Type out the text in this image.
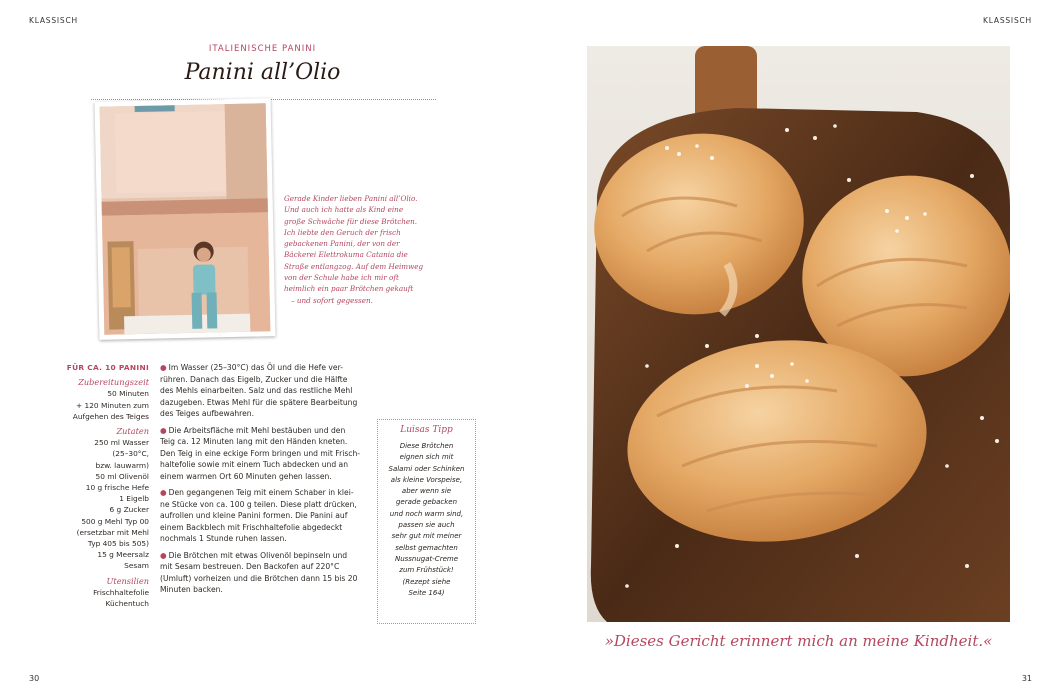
KLASSISCH	KLASSISCH
ITALIENISCHE PANINI
Panini all’Olio
Gerade Kinder lieben Panini all’Olio.
Und auch ich hatte als Kind eine
große Schwäche für diese Brötchen.
Ich liebte den Geruch der frisch
gebackenen Panini, der von der
Bäckerei Elettrokuma Catania die
Straße entlangzog. Auf dem Heimweg
von der Schule habe ich mir oft
heimlich ein paar Brötchen gekauft
– und sofort gegessen.
FÜR CA. 10 PANINI
Zubereitungszeit
50 Minuten
+ 120 Minuten zum
Aufgehen des Teiges
Zutaten
250 ml Wasser
(25–30°C,
bzw. lauwarm)
50 ml Olivenöl
10 g frische Hefe
1 Eigelb
6 g Zucker
500 g Mehl Typ 00
(ersetzbar mit Mehl
Typ 405 bis 505)
15 g Meersalz
Sesam
Utensilien
Frischhaltefolie
Küchentuch
● Im Wasser (25–30°C) das Öl und die Hefe ver-
rühren. Danach das Eigelb, Zucker und die Hälfte
des Mehls einarbeiten. Salz und das restliche Mehl
dazugeben. Etwas Mehl für die spätere Bearbeitung
des Teiges aufbewahren.
● Die Arbeitsfläche mit Mehl bestäuben und den
Teig ca. 12 Minuten lang mit den Händen kneten.
Den Teig in eine eckige Form bringen und mit Frisch-
haltefolie sowie mit einem Tuch abdecken und an
einem warmen Ort 60 Minuten gehen lassen.
● Den gegangenen Teig mit einem Schaber in klei-
ne Stücke von ca. 100 g teilen. Diese platt drücken,
aufrollen und kleine Panini formen. Die Panini auf
einem Backblech mit Frischhaltefolie abgedeckt
nochmals 1 Stunde ruhen lassen.
● Die Brötchen mit etwas Olivenöl bepinseln und
mit Sesam bestreuen. Den Backofen auf 220°C
(Umluft) vorheizen und die Brötchen dann 15 bis 20
Minuten backen.
Luisas Tipp
Diese Brötchen
eignen sich mit
Salami oder Schinken
als kleine Vorspeise,
aber wenn sie
gerade gebacken
und noch warm sind,
passen sie auch
sehr gut mit meiner
selbst gemachten
Nussnugat-Creme
zum Frühstück!
(Rezept siehe
Seite 164)
»Dieses Gericht erinnert mich an meine Kindheit.«
30	31
